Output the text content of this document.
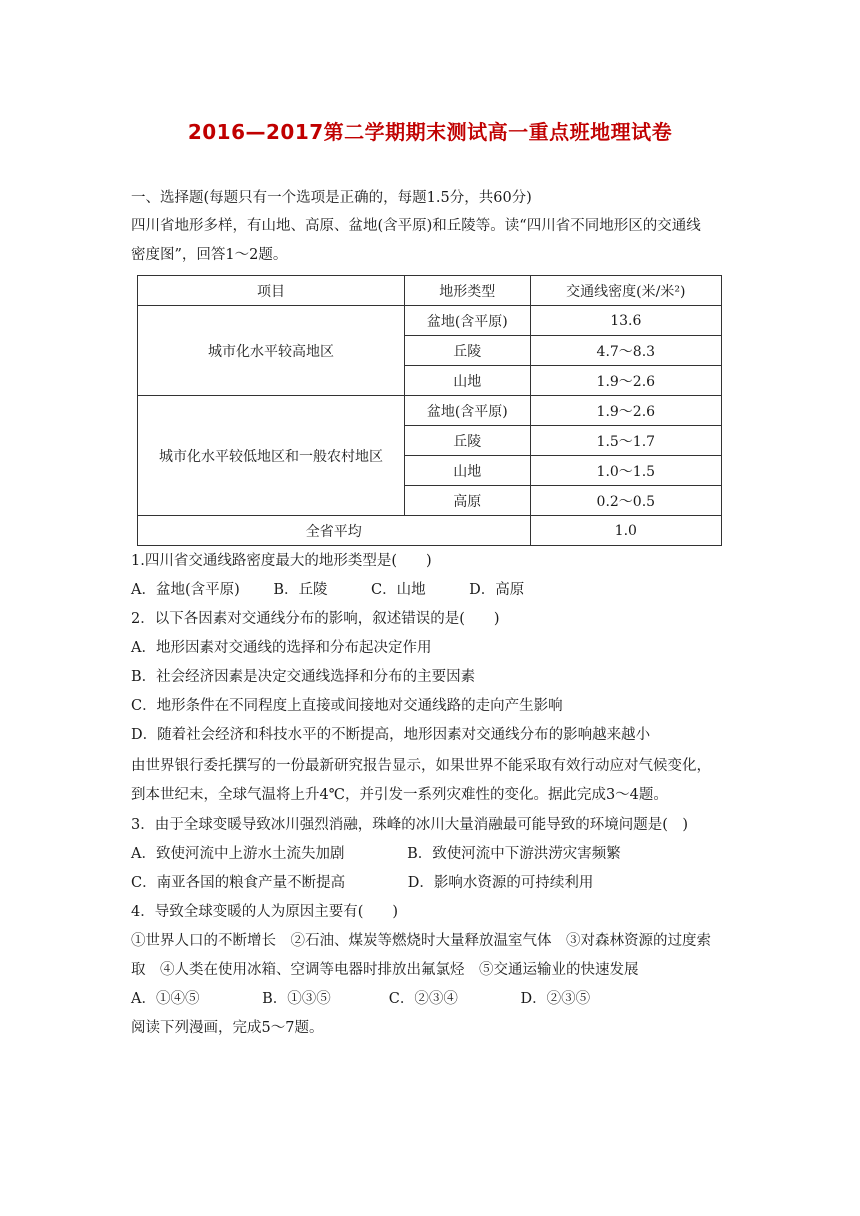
2016—2017第二学期期末测试高一重点班地理试卷
一、选择题(每题只有一个选项是正确的，每题1.5分，共60分)
四川省地形多样，有山地、高原、盆地(含平原)和丘陵等。读“四川省不同地形区的交通线
密度图”，回答1～2题。
项目	地形类型	交通线密度(米/米²)
城市化水平较高地区	盆地(含平原)	13.6
	丘陵	4.7～8.3
	山地	1.9～2.6
城市化水平较低地区和一般农村地区	盆地(含平原)	1.9～2.6
	丘陵	1.5～1.7
	山地	1.0～1.5
	高原	0.2～0.5
全省平均		1.0
1.四川省交通线路密度最大的地形类型是(　　)
A．盆地(含平原)　　 B．丘陵　　　C．山地　　　D．高原
2．以下各因素对交通线分布的影响，叙述错误的是(　　)
A．地形因素对交通线的选择和分布起决定作用
B．社会经济因素是决定交通线选择和分布的主要因素
C．地形条件在不同程度上直接或间接地对交通线路的走向产生影响
D．随着社会经济和科技水平的不断提高，地形因素对交通线分布的影响越来越小
由世界银行委托撰写的一份最新研究报告显示，如果世界不能采取有效行动应对气候变化，
到本世纪末，全球气温将上升4℃，并引发一系列灾难性的变化。据此完成3～4题。
3．由于全球变暖导致冰川强烈消融，珠峰的冰川大量消融最可能导致的环境问题是(　)
A．致使河流中上游水土流失加剧　　　　 B．致使河流中下游洪涝灾害频繁
C．南亚各国的粮食产量不断提高　　　　 D．影响水资源的可持续利用
4．导致全球变暖的人为原因主要有(　　)
①世界人口的不断增长　②石油、煤炭等燃烧时大量释放温室气体　③对森林资源的过度索
取　④人类在使用冰箱、空调等电器时排放出氟氯烃　⑤交通运输业的快速发展
A．①④⑤　　　　 B．①③⑤　　　　C．②③④　　　　 D．②③⑤
阅读下列漫画，完成5～7题。
